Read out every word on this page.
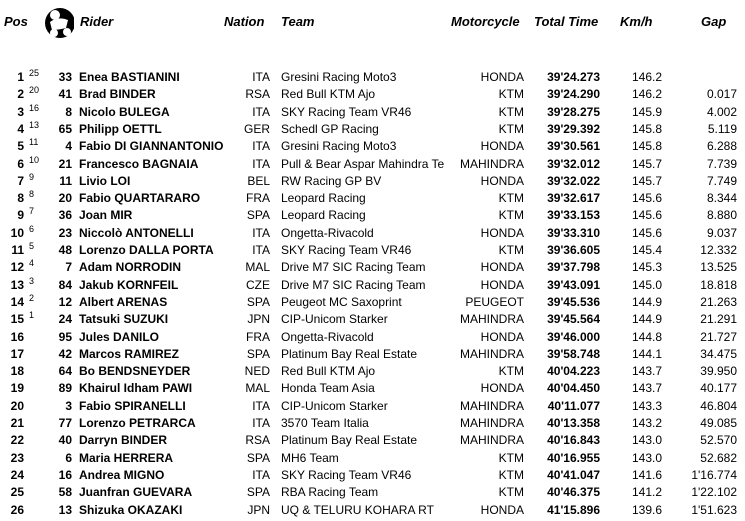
Pos	Rider	Nation Team	Motorcycle Total Time Km/h	Gap
1 25	33 Enea BASTIANINI	ITA Gresini Racing Moto3	HONDA	39'24.273	146.2
2 20	41 Brad BINDER	RSA Red Bull KTM Ajo	KTM	39'24.290	146.2	0.017
3 16	8 Nicolo BULEGA	ITA SKY Racing Team VR46	KTM	39'28.275	145.9	4.002
4 13	65 Philipp OETTL	GER Schedl GP Racing	KTM	39'29.392	145.8	5.119
5 11	4 Fabio DI GIANNANTONIO	ITA Gresini Racing Moto3	HONDA	39'30.561	145.8	6.288
6 10	21 Francesco BAGNAIA	ITA Pull & Bear Aspar Mahindra Te	MAHINDRA	39'32.012	145.7	7.739
7 9	11 Livio LOI	BEL RW Racing GP BV	HONDA	39'32.022	145.7	7.749
8 8	20 Fabio QUARTARARO	FRA Leopard Racing	KTM	39'32.617	145.6	8.344
9 7	36 Joan MIR	SPA Leopard Racing	KTM	39'33.153	145.6	8.880
10 6	23 Niccolò ANTONELLI	ITA Ongetta-Rivacold	HONDA	39'33.310	145.6	9.037
11 5	48 Lorenzo DALLA PORTA	ITA SKY Racing Team VR46	KTM	39'36.605	145.4	12.332
12 4	7 Adam NORRODIN	MAL Drive M7 SIC Racing Team	HONDA	39'37.798	145.3	13.525
13 3	84 Jakub KORNFEIL	CZE Drive M7 SIC Racing Team	HONDA	39'43.091	145.0	18.818
14 2	12 Albert ARENAS	SPA Peugeot MC Saxoprint	PEUGEOT	39'45.536	144.9	21.263
15 1	24 Tatsuki SUZUKI	JPN CIP-Unicom Starker	MAHINDRA	39'45.564	144.9	21.291
16	95 Jules DANILO	FRA Ongetta-Rivacold	HONDA	39'46.000	144.8	21.727
17	42 Marcos RAMIREZ	SPA Platinum Bay Real Estate	MAHINDRA	39'58.748	144.1	34.475
18	64 Bo BENDSNEYDER	NED Red Bull KTM Ajo	KTM	40'04.223	143.7	39.950
19	89 Khairul Idham PAWI	MAL Honda Team Asia	HONDA	40'04.450	143.7	40.177
20	3 Fabio SPIRANELLI	ITA CIP-Unicom Starker	MAHINDRA	40'11.077	143.3	46.804
21	77 Lorenzo PETRARCA	ITA 3570 Team Italia	MAHINDRA	40'13.358	143.2	49.085
22	40 Darryn BINDER	RSA Platinum Bay Real Estate	MAHINDRA	40'16.843	143.0	52.570
23	6 Maria HERRERA	SPA MH6 Team	KTM	40'16.955	143.0	52.682
24	16 Andrea MIGNO	ITA SKY Racing Team VR46	KTM	40'41.047	141.6	1'16.774
25	58 Juanfran GUEVARA	SPA RBA Racing Team	KTM	40'46.375	141.2	1'22.102
26	13 Shizuka OKAZAKI	JPN UQ & TELURU KOHARA RT	HONDA	41'15.896	139.6	1'51.623
